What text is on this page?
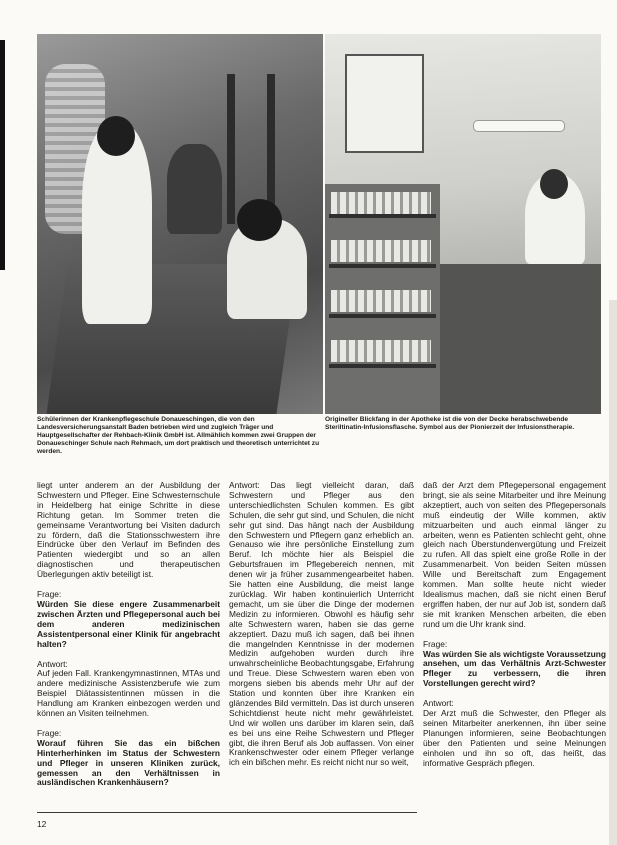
Schülerinnen der Krankenpflegeschule Donaueschingen, die von den Landesversicherungsanstalt Baden betrieben wird und zugleich Träger und Hauptgesellschafter der Rehbach-Klinik GmbH ist. Allmählich kommen zwei Gruppen der Donaueschinger Schule nach Rehmach, um dort praktisch und theoretisch unterrichtet zu werden.
Origineller Blickfang in der Apotheke ist die von der Decke herabschwebende Steriltinatin-Infusionsflasche. Symbol aus der Pionierzeit der Infusionstherapie.

liegt unter anderem an der Ausbildung der Schwestern und Pfleger. Eine Schwesternschule in Heidelberg hat einige Schritte in diese Richtung getan. Im Sommer treten die gemeinsame Verantwortung bei Visiten dadurch zu fördern, daß die Stationsschwestern ihre Eindrücke über den Verlauf im Befinden des Patienten wiedergibt und so an allen diagnostischen und therapeutischen Überlegungen aktiv beteiligt ist.

Frage:

Würden Sie diese engere Zusammenarbeit zwischen Ärzten und Pflegepersonal auch bei dem anderen medizinischen Assistentpersonal einer Klinik für angebracht halten?

Antwort:

Auf jeden Fall. Krankengymnastinnen, MTAs und andere medizinische Assistenzberufe wie zum Beispiel Diätassistentinnen müssen in die Handlung am Kranken einbezogen werden und können an Visiten teilnehmen.

Frage:

Worauf führen Sie das ein bißchen Hinterherhinken im Status der Schwestern und Pfleger in unseren Kliniken zurück, gemessen an den Verhältnissen in ausländischen Krankenhäusern?

Antwort: Das liegt vielleicht daran, daß Schwestern und Pfleger aus den unterschiedlichsten Schulen kommen. Es gibt Schulen, die sehr gut sind, und Schulen, die nicht sehr gut sind. Das hängt nach der Ausbildung den Schwestern und Pflegern ganz erheblich an. Genauso wie ihre persönliche Einstellung zum Beruf. Ich möchte hier als Beispiel die Geburtsfrauen im Pflegebereich nennen, mit denen wir ja früher zusammengearbeitet haben. Sie hatten eine Ausbildung, die meist lange zurücklag. Wir haben kontinuierlich Unterricht gemacht, um sie über die Dinge der modernen Medizin zu informieren. Obwohl es häufig sehr alte Schwestern waren, haben sie das gerne akzeptiert. Dazu muß ich sagen, daß bei ihnen die mangelnden Kenntnisse in der modernen Medizin aufgehoben wurden durch ihre unwahrscheinliche Beobachtungsgabe, Erfahrung und Treue. Diese Schwestern waren eben von morgens sieben bis abends mehr Uhr auf der Station und konnten über ihre Kranken ein glänzendes Bild vermitteln. Das ist durch unseren Schichtdienst heute nicht mehr gewährleistet. Und wir wollen uns darüber im klaren sein, daß es bei uns eine Reihe Schwestern und Pfleger gibt, die ihren Beruf als Job auffassen. Von einer Krankenschwester oder einem Pfleger verlange ich ein bißchen mehr. Es reicht nicht nur so weit,

daß der Arzt dem Pflegepersonal engagement bringt, sie als seine Mitarbeiter und ihre Meinung akzeptiert, auch von seiten des Pflegepersonals muß eindeutig der Wille kommen, aktiv mitzuarbeiten und auch einmal länger zu arbeiten, wenn es Patienten schlecht geht, ohne gleich nach Überstundenvergütung und Freizeit zu rufen. All das spielt eine große Rolle in der Zusammenarbeit. Von beiden Seiten müssen Wille und Bereitschaft zum Engagement kommen. Man sollte heute nicht wieder Idealismus machen, daß sie nicht einen Beruf ergriffen haben, der nur auf Job ist, sondern daß sie mit kranken Menschen arbeiten, die eben rund um die Uhr krank sind.

Frage:

Was würden Sie als wichtigste Voraussetzung ansehen, um das Verhältnis Arzt-Schwester Pfleger zu verbessern, die ihren Vorstellungen gerecht wird?

Antwort:

Der Arzt muß die Schwester, den Pfleger als seinen Mitarbeiter anerkennen, ihn über seine Planungen informieren, seine Beobachtungen über den Patienten und seine Meinungen einholen und ihn so oft, das heißt, das informative Gespräch pflegen.

12
